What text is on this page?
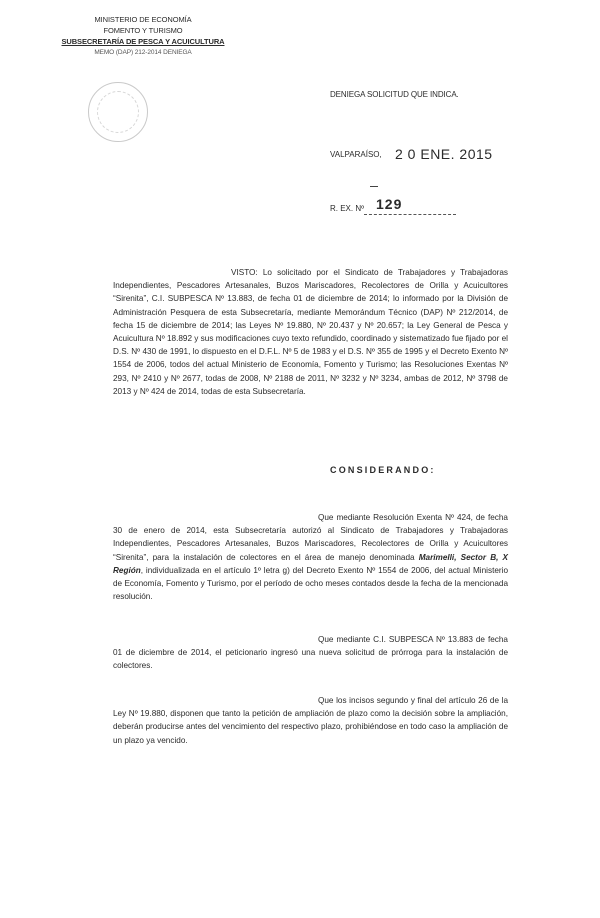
MINISTERIO DE ECONOMÍA
FOMENTO Y TURISMO
SUBSECRETARÍA DE PESCA Y ACUICULTURA
MEMO (DAP) 212-2014 DENIEGA
DENIEGA SOLICITUD QUE INDICA.
VALPARAÍSO, 2 0 ENE. 2015
R. EX. Nº 129
VISTO: Lo solicitado por el Sindicato de Trabajadores y Trabajadoras Independientes, Pescadores Artesanales, Buzos Mariscadores, Recolectores de Orilla y Acuicultores “Sirenita”, C.I. SUBPESCA Nº 13.883, de fecha 01 de diciembre de 2014; lo informado por la División de Administración Pesquera de esta Subsecretaría, mediante Memorándum Técnico (DAP) Nº 212/2014, de fecha 15 de diciembre de 2014; las Leyes Nº 19.880, Nº 20.437 y Nº 20.657; la Ley General de Pesca y Acuicultura Nº 18.892 y sus modificaciones cuyo texto refundido, coordinado y sistematizado fue fijado por el D.S. Nº 430 de 1991, lo dispuesto en el D.F.L. Nº 5 de 1983 y el D.S. Nº 355 de 1995 y el Decreto Exento Nº 1554 de 2006, todos del actual Ministerio de Economía, Fomento y Turismo; las Resoluciones Exentas Nº 293, Nº 2410 y Nº 2677, todas de 2008, Nº 2188 de 2011, Nº 3232 y Nº 3234, ambas de 2012, Nº 3798 de 2013 y Nº 424 de 2014, todas de esta Subsecretaría.
CONSIDERANDO:
Que mediante Resolución Exenta Nº 424, de fecha 30 de enero de 2014, esta Subsecretaría autorizó al Sindicato de Trabajadores y Trabajadoras Independientes, Pescadores Artesanales, Buzos Mariscadores, Recolectores de Orilla y Acuicultores “Sirenita”, para la instalación de colectores en el área de manejo denominada Marimelli, Sector B, X Región, individualizada en el artículo 1º letra g) del Decreto Exento Nº 1554 de 2006, del actual Ministerio de Economía, Fomento y Turismo, por el período de ocho meses contados desde la fecha de la mencionada resolución.
Que mediante C.I. SUBPESCA Nº 13.883 de fecha 01 de diciembre de 2014, el peticionario ingresó una nueva solicitud de prórroga para la instalación de colectores.
Que los incisos segundo y final del artículo 26 de la Ley Nº 19.880, disponen que tanto la petición de ampliación de plazo como la decisión sobre la ampliación, deberán producirse antes del vencimiento del respectivo plazo, prohibiéndose en todo caso la ampliación de un plazo ya vencido.
